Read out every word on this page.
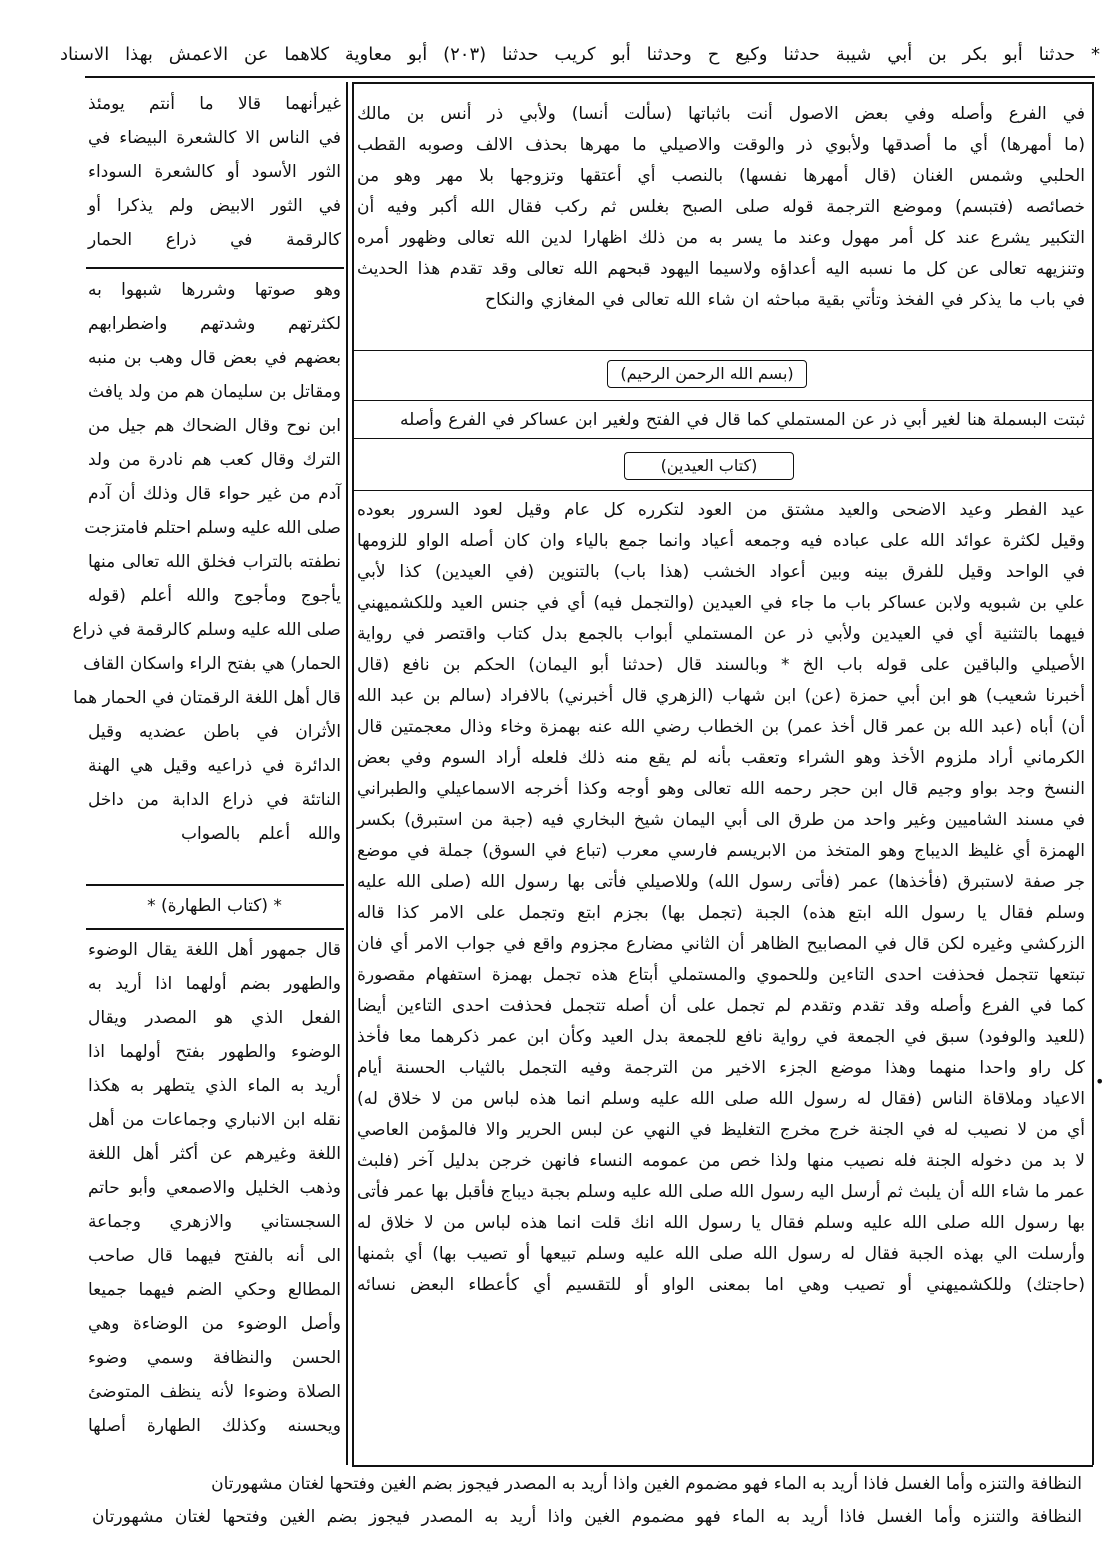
* حدثنا أبو بكر بن أبي شيبة حدثنا وكيع ح وحدثنا أبو كريب حدثنا (٢٠٣) أبو معاوية كلاهما عن الاعمش بهذا الاسناد
في الفرع وأصله وفي بعض الاصول أنت باثباتها (سألت أنسا) ولأبي ذر أنس بن مالك
(ما أمهرها) أي ما أصدقها ولأبوي ذر والوقت والاصيلي ما مهرها بحذف الالف وصوبه القطب
الحلبي وشمس الغنان (قال أمهرها نفسها) بالنصب أي أعتقها وتزوجها بلا مهر وهو من
خصائصه (فتبسم) وموضع الترجمة قوله صلى الصبح بغلس ثم ركب فقال الله أكبر وفيه أن
التكبير يشرع عند كل أمر مهول وعند ما يسر به من ذلك اظهارا لدين الله تعالى وظهور أمره
وتنزيهه تعالى عن كل ما نسبه اليه أعداؤه ولاسيما اليهود قبحهم الله تعالى وقد تقدم هذا الحديث
في باب ما يذكر في الفخذ وتأتي بقية مباحثه ان شاء الله تعالى في المغازي والنكاح
(بسم الله الرحمن الرحيم)
ثبتت البسملة هنا لغير أبي ذر عن المستملي كما قال في الفتح ولغير ابن عساكر في الفرع وأصله
(كتاب العيدين)
عيد الفطر وعيد الاضحى والعيد مشتق من العود لتكرره كل عام وقيل لعود السرور بعوده
وقيل لكثرة عوائد الله على عباده فيه وجمعه أعياد وانما جمع بالياء وان كان أصله الواو للزومها
في الواحد وقيل للفرق بينه وبين أعواد الخشب (هذا باب) بالتنوين (في العيدين) كذا لأبي
علي بن شبويه ولابن عساكر باب ما جاء في العيدين (والتجمل فيه) أي في جنس العيد وللكشميهني
فيهما بالتثنية أي في العيدين ولأبي ذر عن المستملي أبواب بالجمع بدل كتاب واقتصر في رواية
الأصيلي والباقين على قوله باب الخ * وبالسند قال (حدثنا أبو اليمان) الحكم بن نافع (قال
أخبرنا شعيب) هو ابن أبي حمزة (عن) ابن شهاب (الزهري قال أخبرني) بالافراد (سالم بن عبد الله
أن) أباه (عبد الله بن عمر قال أخذ عمر) بن الخطاب رضي الله عنه بهمزة وخاء وذال معجمتين قال
الكرماني أراد ملزوم الأخذ وهو الشراء وتعقب بأنه لم يقع منه ذلك فلعله أراد السوم وفي بعض
النسخ وجد بواو وجيم قال ابن حجر رحمه الله تعالى وهو أوجه وكذا أخرجه الاسماعيلي والطبراني
في مسند الشاميين وغير واحد من طرق الى أبي اليمان شيخ البخاري فيه (جبة من استبرق) بكسر
الهمزة أي غليظ الديباج وهو المتخذ من الابريسم فارسي معرب (تباع في السوق) جملة في موضع
جر صفة لاستبرق (فأخذها) عمر (فأتى رسول الله) وللاصيلي فأتى بها رسول الله (صلى الله عليه
وسلم فقال يا رسول الله ابتع هذه) الجبة (تجمل بها) بجزم ابتع وتجمل على الامر كذا قاله
الزركشي وغيره لكن قال في المصابيح الظاهر أن الثاني مضارع مجزوم واقع في جواب الامر أي فان
تبتعها تتجمل فحذفت احدى التاءين وللحموي والمستملي أبتاع هذه تجمل بهمزة استفهام مقصورة
كما في الفرع وأصله وقد تقدم وتقدم لم تجمل على أن أصله تتجمل فحذفت احدى التاءين أيضا
(للعيد والوفود) سبق في الجمعة في رواية نافع للجمعة بدل العيد وكأن ابن عمر ذكرهما معا فأخذ
كل راو واحدا منهما وهذا موضع الجزء الاخير من الترجمة وفيه التجمل بالثياب الحسنة أيام
الاعياد وملاقاة الناس (فقال له رسول الله صلى الله عليه وسلم انما هذه لباس من لا خلاق له)
أي من لا نصيب له في الجنة خرج مخرج التغليظ في النهي عن لبس الحرير والا فالمؤمن العاصي
لا بد من دخوله الجنة فله نصيب منها ولذا خص من عمومه النساء فانهن خرجن بدليل آخر (فلبث
عمر ما شاء الله أن يلبث ثم أرسل اليه رسول الله صلى الله عليه وسلم بجبة ديباج فأقبل بها عمر فأتى
بها رسول الله صلى الله عليه وسلم فقال يا رسول الله انك قلت انما هذه لباس من لا خلاق له
وأرسلت الي بهذه الجبة فقال له رسول الله صلى الله عليه وسلم تبيعها أو تصيب بها) أي بثمنها
(حاجتك) وللكشميهني أو تصيب وهي اما بمعنى الواو أو للتقسيم أي كأعطاء البعض نسائه
غيرأنهما قالا ما أنتم يومئذ
في الناس الا كالشعرة البيضاء في
الثور الأسود أو كالشعرة السوداء
في الثور الابيض ولم يذكرا أو
كالرقمة في ذراع الحمار
وهو صوتها وشررها شبهوا به
لكثرتهم وشدتهم واضطرابهم
بعضهم في بعض قال وهب بن منبه
ومقاتل بن سليمان هم من ولد يافث
ابن نوح وقال الضحاك هم جيل من
الترك وقال كعب هم نادرة من ولد
آدم من غير حواء قال وذلك أن آدم
صلى الله عليه وسلم احتلم فامتزجت
نطفته بالتراب فخلق الله تعالى منها
يأجوج ومأجوج والله أعلم (قوله
صلى الله عليه وسلم كالرقمة في ذراع
الحمار) هي بفتح الراء واسكان القاف
قال أهل اللغة الرقمتان في الحمار هما
الأثران في باطن عضديه وقيل
الدائرة في ذراعيه وقيل هي الهنة
الناتئة في ذراع الدابة من داخل
والله أعلم بالصواب
* (كتاب الطهارة) *
قال جمهور أهل اللغة يقال الوضوء
والطهور بضم أولهما اذا أريد به
الفعل الذي هو المصدر ويقال
الوضوء والطهور بفتح أولهما اذا
أريد به الماء الذي يتطهر به هكذا
نقله ابن الانباري وجماعات من أهل
اللغة وغيرهم عن أكثر أهل اللغة
وذهب الخليل والاصمعي وأبو حاتم
السجستاني والازهري وجماعة
الى أنه بالفتح فيهما قال صاحب
المطالع وحكي الضم فيهما جميعا
وأصل الوضوء من الوضاءة وهي
الحسن والنظافة وسمي وضوء
الصلاة وضوءا لأنه ينظف المتوضئ
ويحسنه وكذلك الطهارة أصلها
النظافة والتنزه وأما الغسل فاذا أريد به الماء فهو مضموم الغين واذا أريد به المصدر فيجوز بضم الغين وفتحها لغتان مشهورتان
النظافة والتنزه وأما الغسل فاذا أريد به الماء فهو مضموم الغين واذا أريد به المصدر فيجوز بضم الغين وفتحها لغتان مشهورتان
•
